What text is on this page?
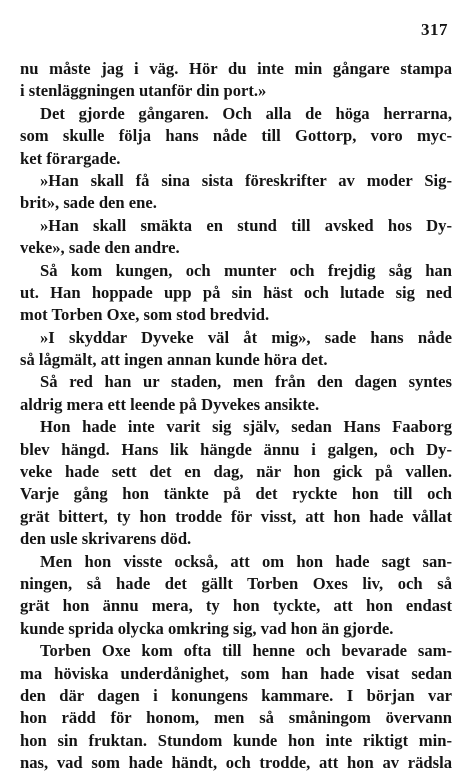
317
nu måste jag i väg. Hör du inte min gångare stampa
i stenläggningen utanför din port.»
Det gjorde gångaren. Och alla de höga herrarna,
som skulle följa hans nåde till Gottorp, voro myc-
ket förargade.
»Han skall få sina sista föreskrifter av moder Sig-
brit», sade den ene.
»Han skall smäkta en stund till avsked hos Dy-
veke», sade den andre.
Så kom kungen, och munter och frejdig såg han
ut. Han hoppade upp på sin häst och lutade sig ned
mot Torben Oxe, som stod bredvid.
»I skyddar Dyveke väl åt mig», sade hans nåde
så lågmält, att ingen annan kunde höra det.
Så red han ur staden, men från den dagen syntes
aldrig mera ett leende på Dyvekes ansikte.
Hon hade inte varit sig själv, sedan Hans Faaborg
blev hängd. Hans lik hängde ännu i galgen, och Dy-
veke hade sett det en dag, när hon gick på vallen.
Varje gång hon tänkte på det ryckte hon till och
grät bittert, ty hon trodde för visst, att hon hade vållat
den usle skrivarens död.
Men hon visste också, att om hon hade sagt san-
ningen, så hade det gällt Torben Oxes liv, och så
grät hon ännu mera, ty hon tyckte, att hon endast
kunde sprida olycka omkring sig, vad hon än gjorde.
Torben Oxe kom ofta till henne och bevarade sam-
ma höviska underdånighet, som han hade visat sedan
den där dagen i konungens kammare. I början var
hon rädd för honom, men så småningom övervann
hon sin fruktan. Stundom kunde hon inte riktigt min-
nas, vad som hade händt, och trodde, att hon av rädsla
